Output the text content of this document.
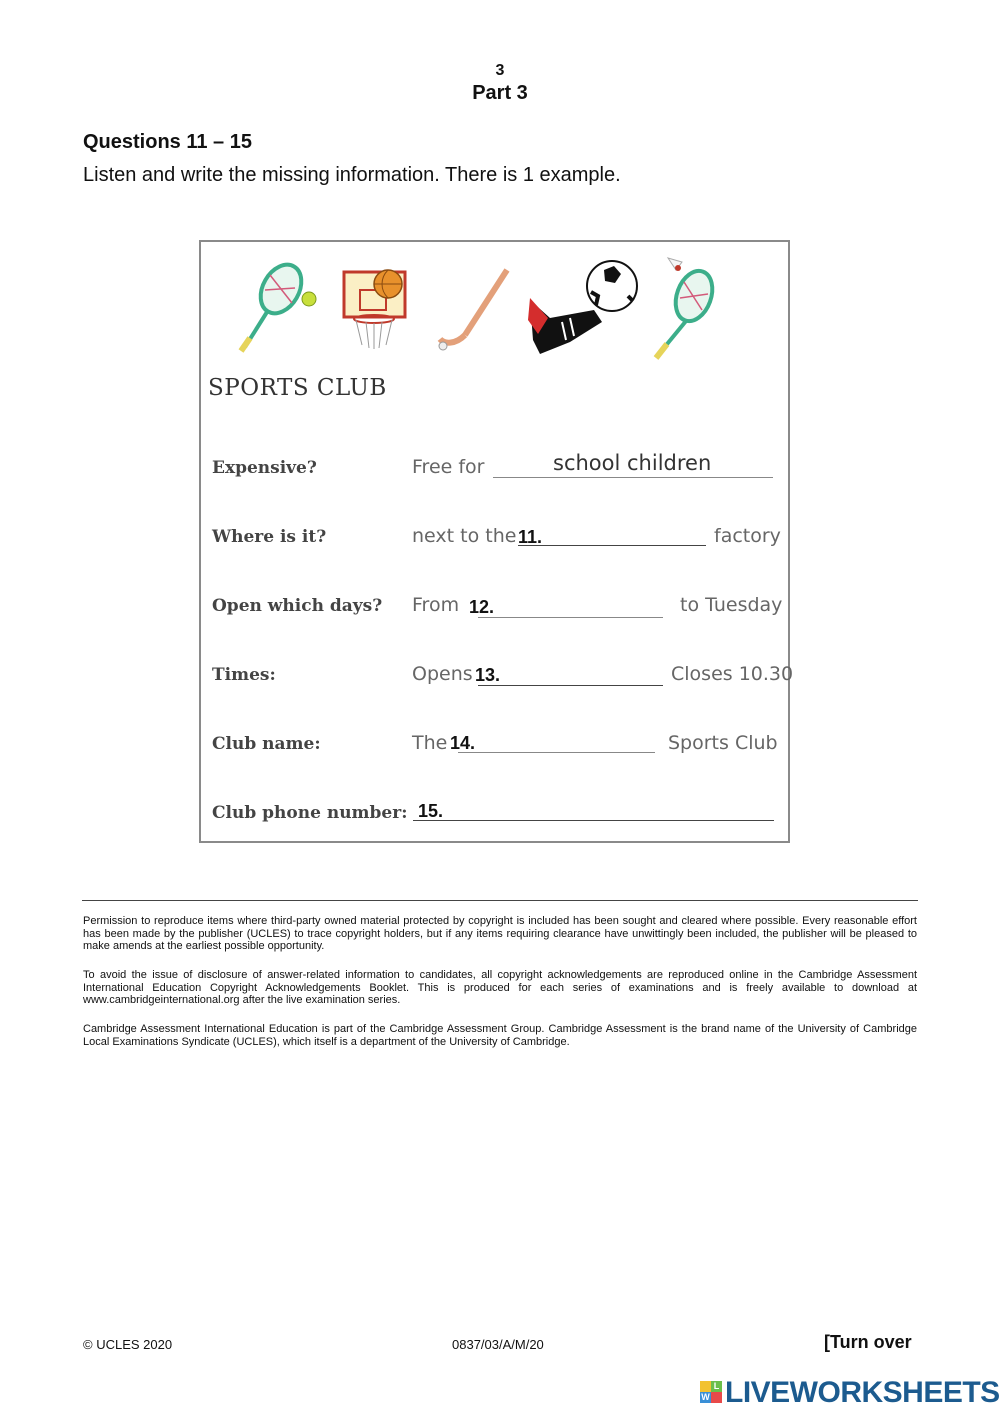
3
Part 3
Questions 11 – 15
Listen and write the missing information. There is 1 example.
SPORTS CLUB
Expensive?	Free for	school children
Where is it?	next to the 11.	factory
Open which days? From 12.	to Tuesday
Times:	Opens 13.	Closes 10.30
Club name:	The 14.	Sports Club
Club phone number: 15.
Permission to reproduce items where third-party owned material protected by copyright is included has been sought and cleared where possible. Every reasonable effort has been made by the publisher (UCLES) to trace copyright holders, but if any items requiring clearance have unwittingly been included, the publisher will be pleased to make amends at the earliest possible opportunity.
To avoid the issue of disclosure of answer-related information to candidates, all copyright acknowledgements are reproduced online in the Cambridge Assessment International Education Copyright Acknowledgements Booklet. This is produced for each series of examinations and is freely available to download at www.cambridgeinternational.org after the live examination series.
Cambridge Assessment International Education is part of the Cambridge Assessment Group. Cambridge Assessment is the brand name of the University of Cambridge Local Examinations Syndicate (UCLES), which itself is a department of the University of Cambridge.
© UCLES 2020	0837/03/A/M/20	[Turn over
L
W LIVEWORKSHEETS
